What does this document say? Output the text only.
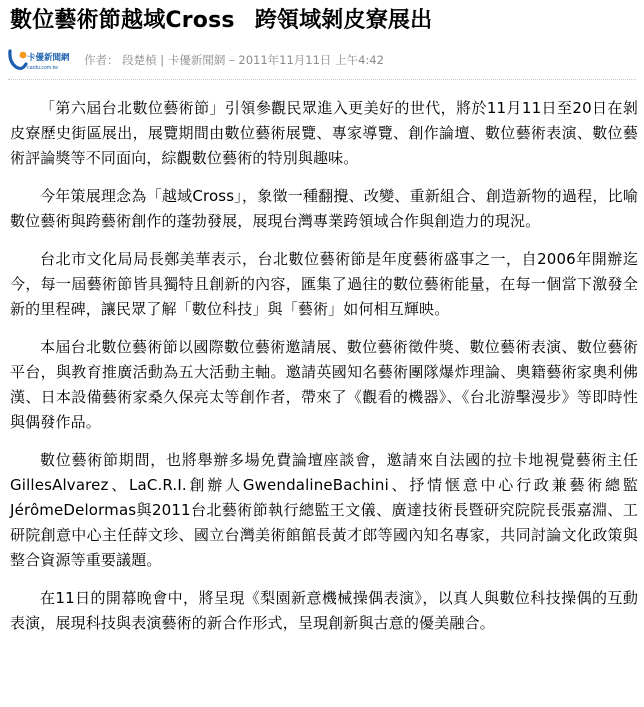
數位藝術節越域Cross 跨領域剝皮寮展出
卡優新聞網
cardu.com.tw
作者： 段楚楨 | 卡優新聞網 – 2011年11月11日 上午4:42

「第六屆台北數位藝術節」引領參觀民眾進入更美好的世代，將於11月11日至20日在剝皮寮歷史街區展出，展覽期間由數位藝術展覽、專家導覽、創作論壇、數位藝術表演、數位藝術評論獎等不同面向，綜觀數位藝術的特別與趣味。

今年策展理念為「越域Cross」，象徵一種翻攪、改變、重新組合、創造新物的過程，比喻數位藝術與跨藝術創作的蓬勃發展，展現台灣專業跨領域合作與創造力的現況。

台北市文化局局長鄭美華表示，台北數位藝術節是年度藝術盛事之一，自2006年開辦迄今，每一屆藝術節皆具獨特且創新的內容，匯集了過往的數位藝術能量，在每一個當下激發全新的里程碑，讓民眾了解「數位科技」與「藝術」如何相互輝映。

本屆台北數位藝術節以國際數位藝術邀請展、數位藝術徵件獎、數位藝術表演、數位藝術平台，與教育推廣活動為五大活動主軸。邀請英國知名藝術團隊爆炸理論、奧籍藝術家奧利佛 漢、日本設備藝術家桑久保亮太等創作者，帶來了《觀看的機器》、《台北游擊漫步》等即時性與偶發作品。

數位藝術節期間，也將舉辦多場免費論壇座談會，邀請來自法國的拉卡地視覺藝術主任GillesAlvarez、LaC.R.I.創辦人GwendalineBachini、抒情惬意中心行政兼藝術總監JérômeDelormas與2011台北藝術節執行總監王文儀、廣達技術長暨研究院院長張嘉淵、工研院創意中心主任薛文珍、國立台灣美術館館長黃才郎等國內知名專家，共同討論文化政策與整合資源等重要議題。

在11日的開幕晚會中，將呈現《梨園新意機械操偶表演》，以真人與數位科技操偶的互動表演，展現科技與表演藝術的新合作形式，呈現創新與古意的優美融合。
